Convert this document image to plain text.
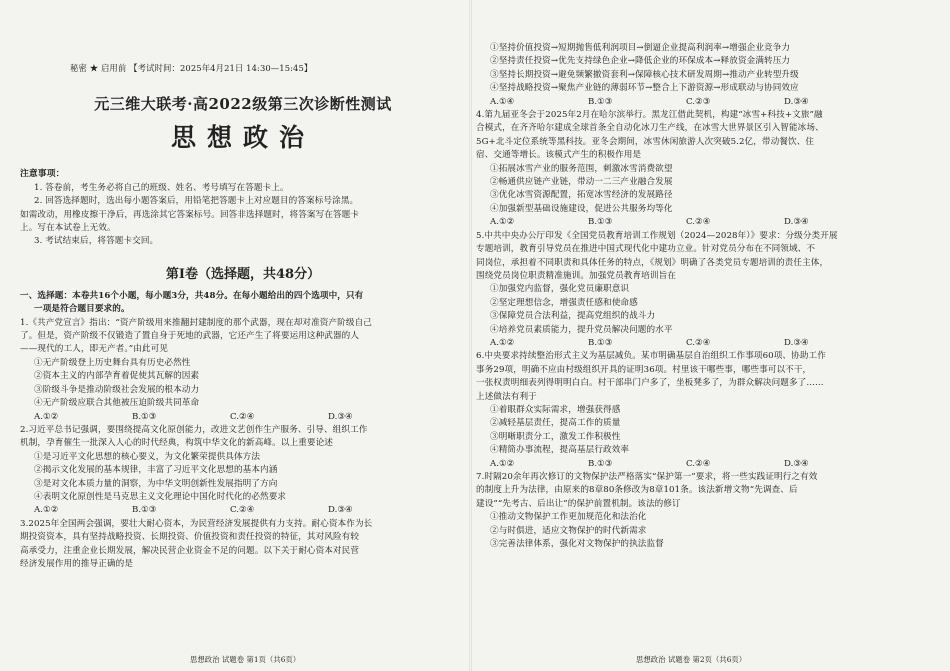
秘密 ★ 启用前 【考试时间：2025年4月21日 14:30—15:45】
元三维大联考·高2022级第三次诊断性测试
思想政治
注意事项：
1. 答卷前，考生务必将自己的班级、姓名、考号填写在答题卡上。
2. 回答选择题时，选出每小题答案后，用铅笔把答题卡上对应题目的答案标号涂黑。
如需改动，用橡皮擦干净后，再选涂其它答案标号。回答非选择题时，将答案写在答题卡
上。写在本试卷上无效。
3. 考试结束后，将答题卡交回。
第Ⅰ卷（选择题，共48分）
一、选择题：本卷共16个小题，每小题3分，共48分。在每小题给出的四个选项中，只有
一项是符合题目要求的。
1.《共产党宣言》指出：“资产阶级用来推翻封建制度的那个武器，现在却对准资产阶级自己
了。但是，资产阶级不仅锻造了置自身于死地的武器，它还产生了将要运用这种武器的人
——现代的工人，即无产者。”由此可见
①无产阶级登上历史舞台具有历史必然性
②资本主义的内部孕育着促使其瓦解的因素
③阶级斗争是推动阶级社会发展的根本动力
④无产阶级应联合其他被压迫阶级共同革命
A.①②	B.①③	C.②④	D.③④
2.习近平总书记强调，要围绕提高文化原创能力，改进文艺创作生产服务、引导、组织工作
机制，孕育催生一批深入人心的时代经典，构筑中华文化的新高峰。以上重要论述
①是习近平文化思想的核心要义，为文化繁荣提供具体方法
②揭示文化发展的基本规律，丰富了习近平文化思想的基本内涵
③是对文化本质力量的洞察，为中华文明创新性发展指明了方向
④表明文化原创性是马克思主义文化理论中国化时代化的必然要求
A.①②	B.①③	C.②④	D.③④
3.2025年全国两会强调，要壮大耐心资本，为民营经济发展提供有力支持。耐心资本作为长
期投资资本，具有坚持战略投资、长期投资、价值投资和责任投资的特征，其对风险有较
高承受力，注重企业长期发展，解决民营企业资金不足的问题。以下关于耐心资本对民营
经济发展作用的推导正确的是
思想政治 试题卷 第1页（共6页）
①坚持价值投资→短期抛售低利润项目→倒逼企业提高利润率→增强企业竞争力
②坚持责任投资→优先支持绿色企业→降低企业的环保成本→释放资金满转压力
③坚持长期投资→避免频繁撤资套利→保障核心技术研发周期→推动产业转型升级
④坚持战略投资→聚焦产业链的薄弱环节→整合上下游资源→形成联动与协同效应
A.①④	B.①③	C.②③	D.③④
4.第九届亚冬会于2025年2月在哈尔滨举行。黑龙江借此契机，构建“冰雪+科技+文旅”融
合模式，在齐齐哈尔建成全球首条全自动化冰刀生产线，在冰雪大世界景区引入智能冰场、
5G+北斗定位系统等黑科技。亚冬会期间，冰雪休闲旅游人次突破5.2亿，带动餐饮、住
宿、交通等增长。该模式产生的积极作用是
①拓展冰雪产业的服务范围，刺激冰雪消费欲望
②畅通供应链产业链，带动一二三产业融合发展
③优化冰雪资源配置，拓宽冰雪经济的发展路径
④加强新型基础设施建设，促进公共服务均等化
A.①②	B.①③	C.②④	D.③④
5.中共中央办公厅印发《全国党员教育培训工作规划（2024—2028年）》要求：分级分类开展
专题培训，教育引导党员在推进中国式现代化中建功立业。针对党员分布在不同领域、不
同岗位，承担着不同职责和具体任务的特点，《规划》明确了各类党员专题培训的责任主体，
围绕党员岗位职责精准施训。加强党员教育培训旨在
①加强党内监督，强化党员廉职意识
②坚定理想信念，增强责任感和使命感
③保障党员合法利益，提高党组织的战斗力
④培养党员素质能力，提升党员解决问题的水平
A.①②	B.①③	C.②④	D.③④
6.中央要求持续整治形式主义为基层减负。某市明确基层自治组织工作事项60项、协助工作
事务29项，明确不应由村级组织开具的证明36项。村里该干哪些事，哪些事可以不干，
一张权责明细表列得明明白白。村干部串门户多了，坐板凳多了，为群众解决问题多了……
上述做法有利于
①着眼群众实际需求，增强获得感
②减轻基层责任，提高工作的质量
③明晰职责分工，激发工作积极性
④精简办事流程，提高基层行政效率
A.①②	B.①③	C.②④	D.③④
7.时隔20余年再次修订的文物保护法严格落实“保护第一”要求，将一些实践证明行之有效
的制度上升为法律，由原来的8章80条修改为8章101条。该法新增文物“先调查、后
建设”“先考古、后出让”的保护前置机制。该法的修订
①推动文物保护工作更加规范化和法治化
②与时俱进，适应文物保护的时代新需求
③完善法律体系，强化对文物保护的执法监督
思想政治 试题卷 第2页（共6页）
